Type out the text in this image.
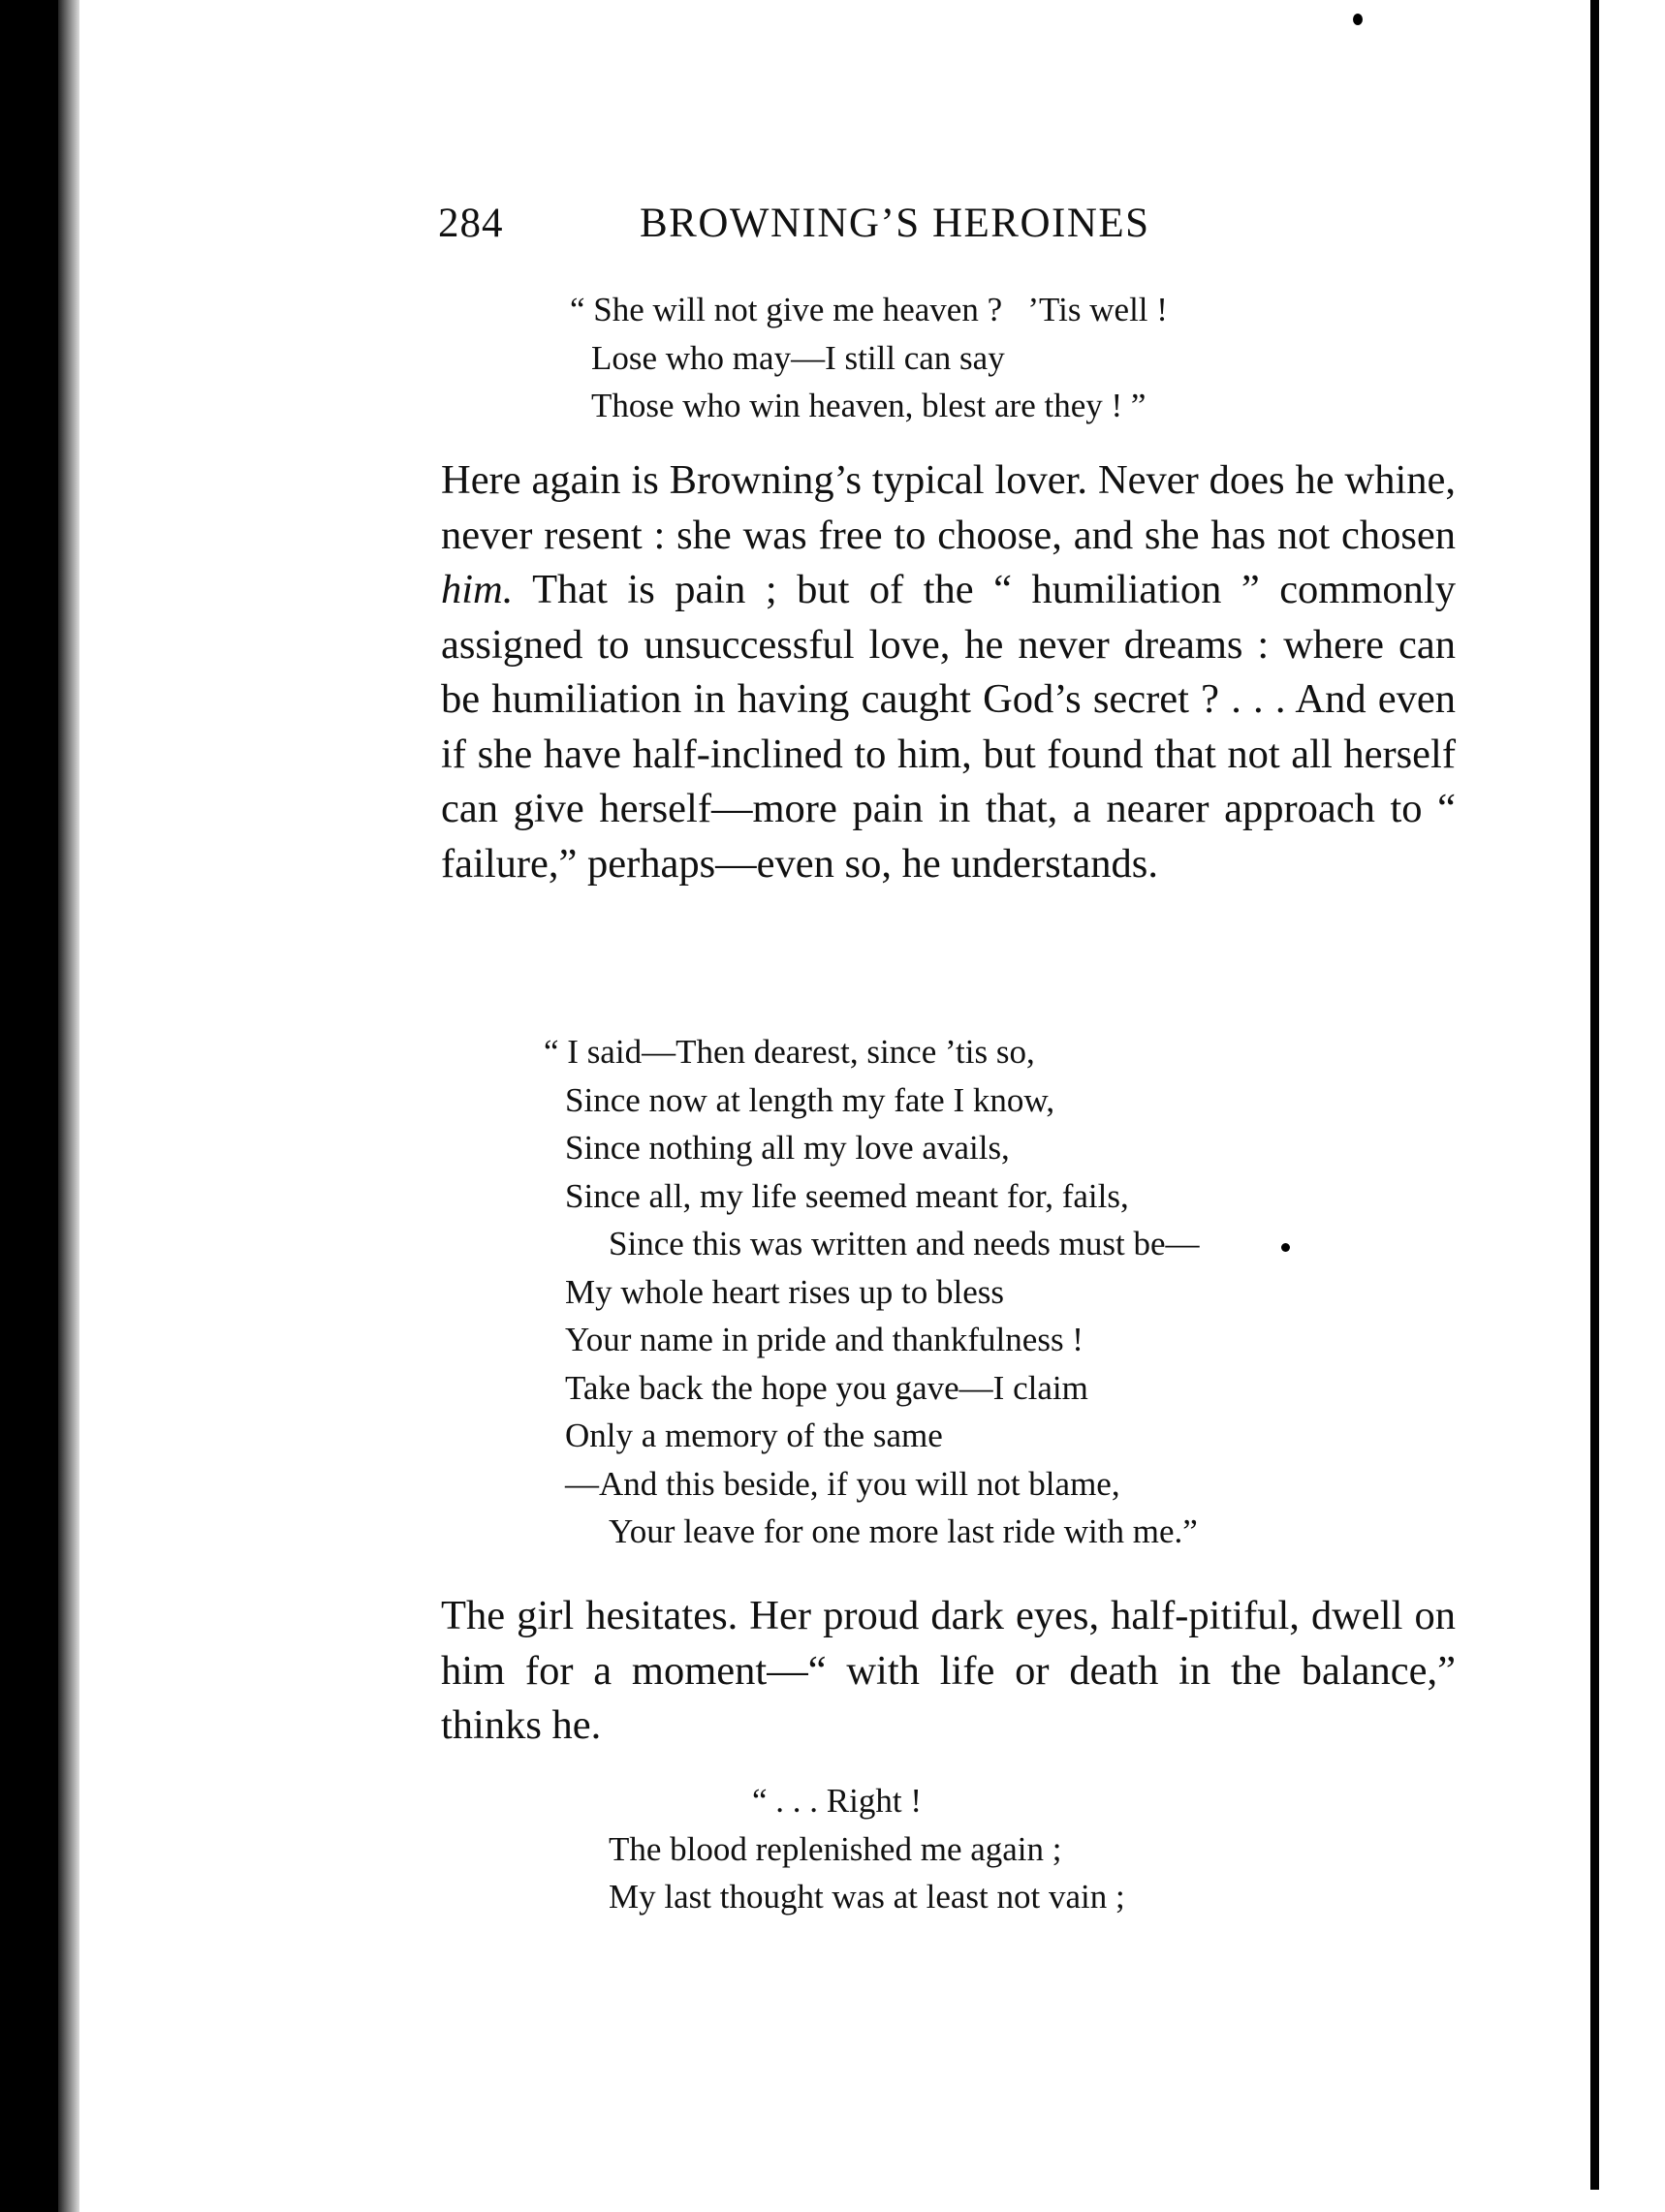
284	BROWNING’S HEROINES
“ She will not give me heaven ?   ’Tis well !
Lose who may—I still can say
Those who win heaven, blest are they ! ”

Here again is Browning’s typical lover. Never does he whine, never resent : she was free to choose, and she has not chosen him. That is pain ; but of the “ humiliation ” commonly assigned to unsuccessful love, he never dreams : where can be humiliation in having caught God’s secret ? . . . And even if she have half-inclined to him, but found that not all herself can give herself—more pain in that, a nearer approach to “ failure,” perhaps—even so, he understands.

“ I said—Then dearest, since ’tis so,
Since now at length my fate I know,
Since nothing all my love avails,
Since all, my life seemed meant for, fails,
Since this was written and needs must be—
My whole heart rises up to bless
Your name in pride and thankfulness !
Take back the hope you gave—I claim
Only a memory of the same
—And this beside, if you will not blame,
Your leave for one more last ride with me.”

The girl hesitates. Her proud dark eyes, half-pitiful, dwell on him for a moment—“ with life or death in the balance,” thinks he.

“ . . . Right !
The blood replenished me again ;
My last thought was at least not vain ;
